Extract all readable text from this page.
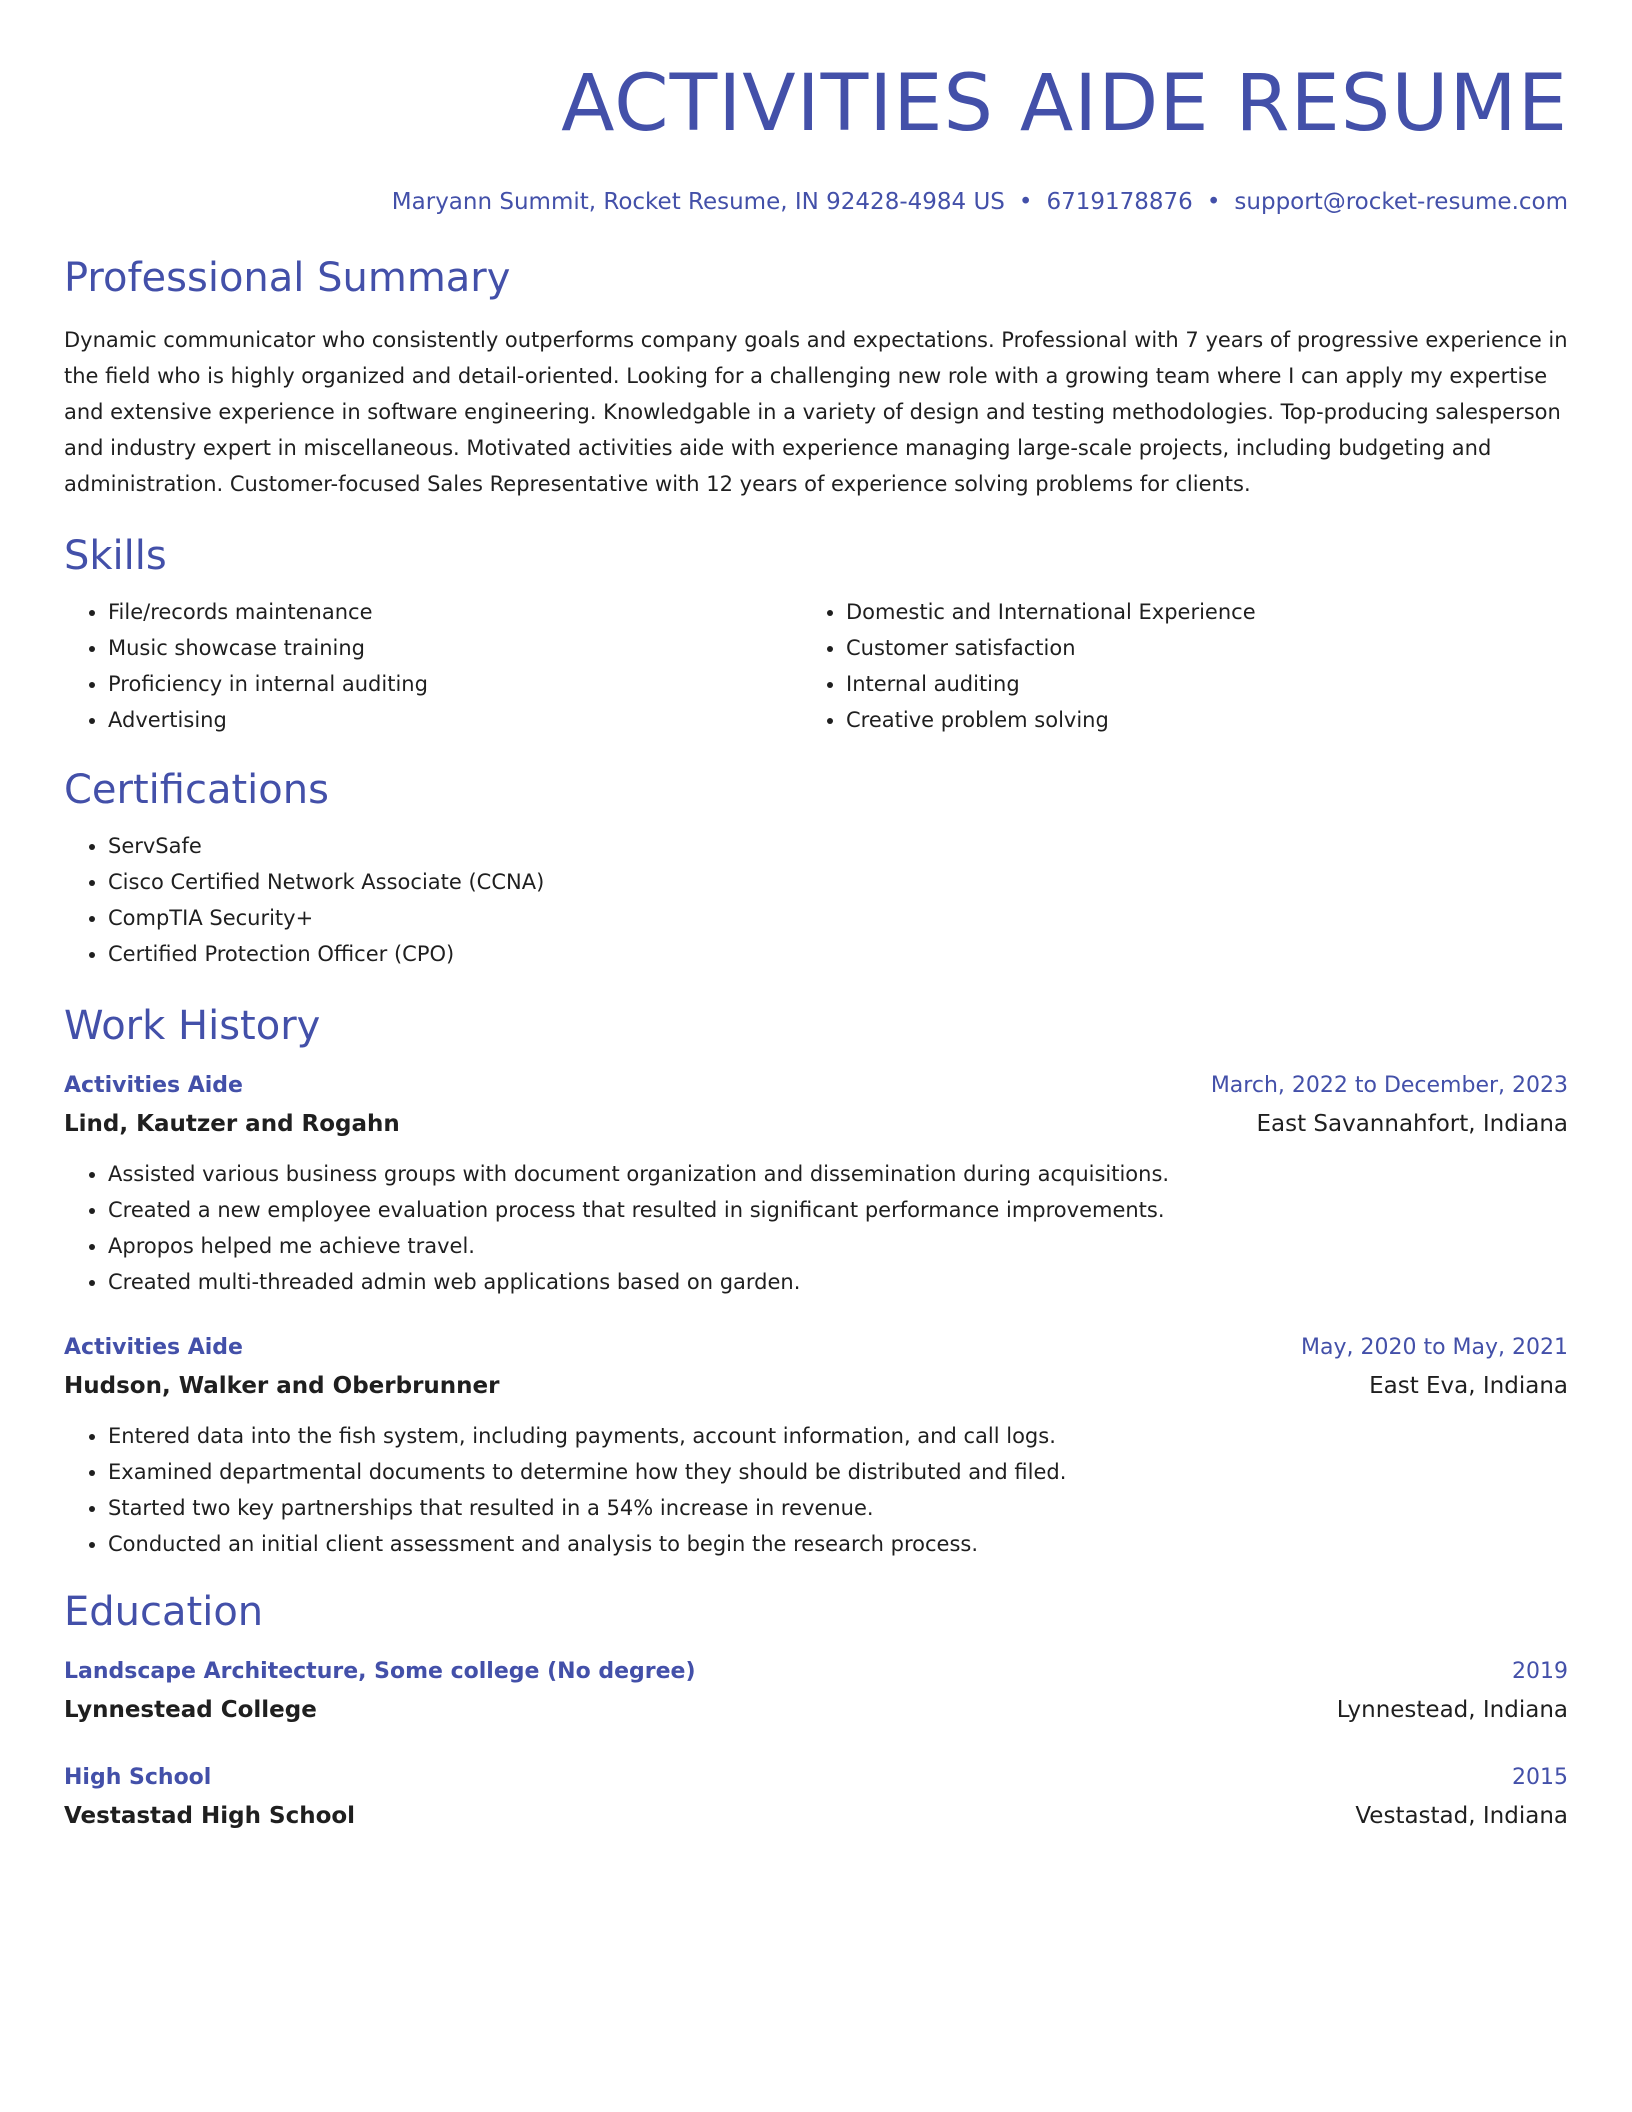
ACTIVITIES AIDE RESUME
Maryann Summit, Rocket Resume, IN 92428-4984 US • 6719178876 • support@rocket-resume.com
Professional Summary

Dynamic communicator who consistently outperforms company goals and expectations. Professional with 7 years of progressive experience in the field who is highly organized and detail-oriented. Looking for a challenging new role with a growing team where I can apply my expertise and extensive experience in software engineering. Knowledgable in a variety of design and testing methodologies. Top-producing salesperson and industry expert in miscellaneous. Motivated activities aide with experience managing large-scale projects, including budgeting and administration. Customer-focused Sales Representative with 12 years of experience solving problems for clients.

Skills
• File/records maintenance
• Music showcase training
• Proficiency in internal auditing
• Advertising
• Domestic and International Experience
• Customer satisfaction
• Internal auditing
• Creative problem solving
Certifications
• ServSafe
• Cisco Certified Network Associate (CCNA)
• CompTIA Security+
• Certified Protection Officer (CPO)
Work History
Activities Aide	March, 2022 to December, 2023
Lind, Kautzer and Rogahn	East Savannahfort, Indiana
• Assisted various business groups with document organization and dissemination during acquisitions.
• Created a new employee evaluation process that resulted in significant performance improvements.
• Apropos helped me achieve travel.
• Created multi-threaded admin web applications based on garden.
Activities Aide	May, 2020 to May, 2021
Hudson, Walker and Oberbrunner	East Eva, Indiana
• Entered data into the fish system, including payments, account information, and call logs.
• Examined departmental documents to determine how they should be distributed and filed.
• Started two key partnerships that resulted in a 54% increase in revenue.
• Conducted an initial client assessment and analysis to begin the research process.
Education
Landscape Architecture, Some college (No degree)	2019
Lynnestead College	Lynnestead, Indiana
High School	2015
Vestastad High School	Vestastad, Indiana
